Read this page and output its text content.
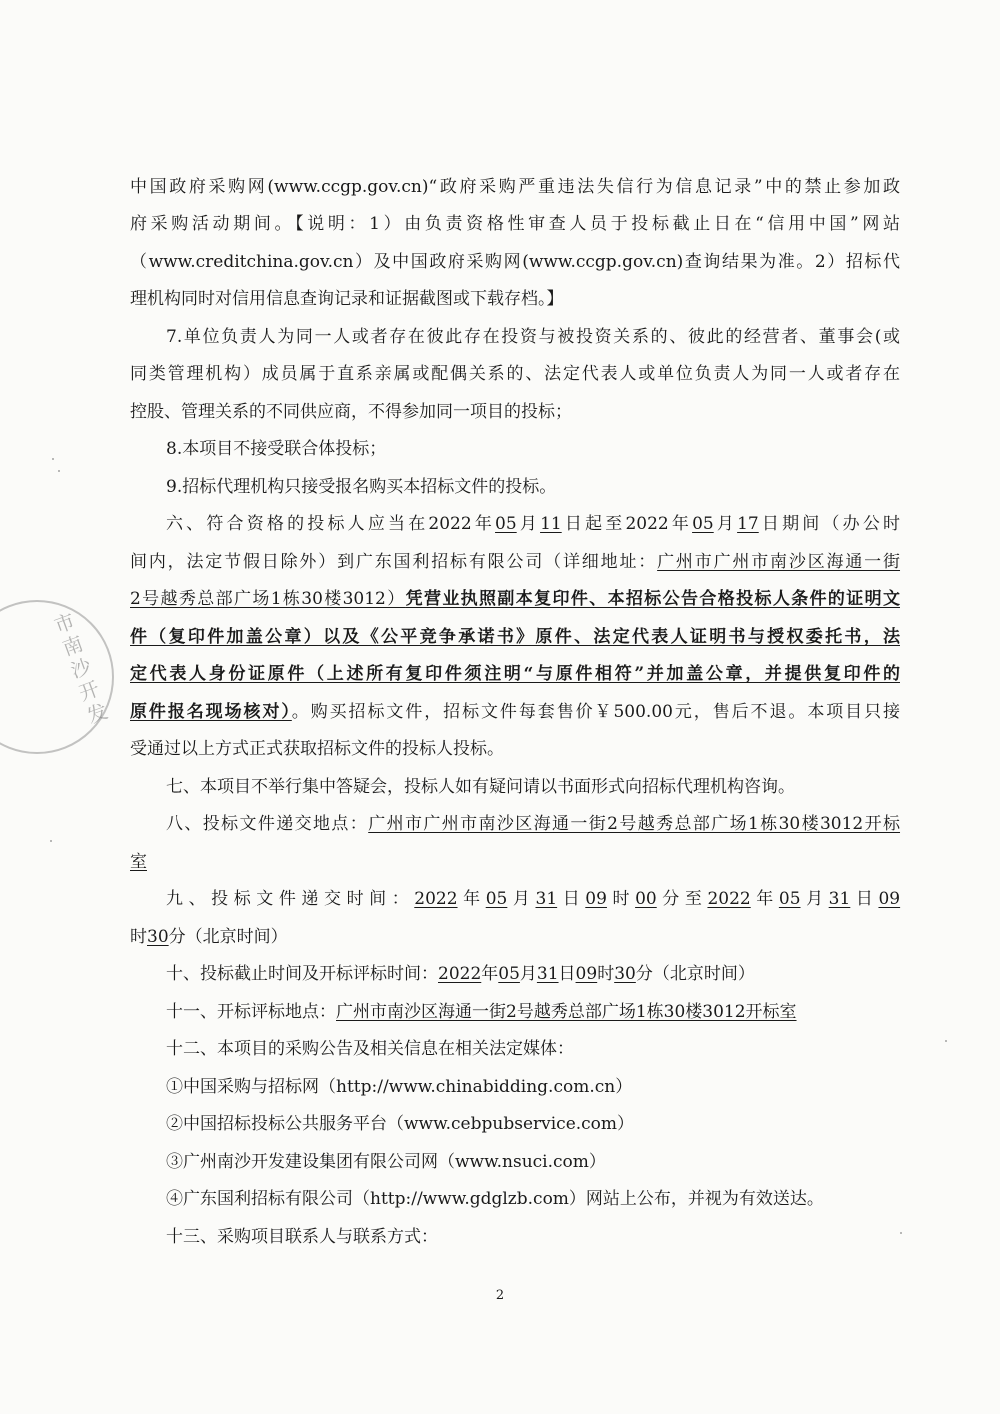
市南沙开发
中国政府采购网(www.ccgp.gov.cn)“政府采购严重违法失信行为信息记录”中的禁止参加政
府采购活动期间。【说明：1）由负责资格性审查人员于投标截止日在“信用中国”网站
（www.creditchina.gov.cn）及中国政府采购网(www.ccgp.gov.cn)查询结果为准。2）招标代
理机构同时对信用信息查询记录和证据截图或下载存档。】
7.单位负责人为同一人或者存在彼此存在投资与被投资关系的、彼此的经营者、董事会(或
同类管理机构）成员属于直系亲属或配偶关系的、法定代表人或单位负责人为同一人或者存在
控股、管理关系的不同供应商，不得参加同一项目的投标；
8.本项目不接受联合体投标；
9.招标代理机构只接受报名购买本招标文件的投标。
六、符合资格的投标人应当在2022年05月11日起至2022年05月17日期间（办公时
间内，法定节假日除外）到广东国利招标有限公司（详细地址：广州市广州市南沙区海通一街
2号越秀总部广场1栋30楼3012）凭营业执照副本复印件、本招标公告合格投标人条件的证明文
件（复印件加盖公章）以及《公平竞争承诺书》原件、法定代表人证明书与授权委托书，法
定代表人身份证原件（上述所有复印件须注明“与原件相符”并加盖公章，并提供复印件的
原件报名现场核对）。购买招标文件，招标文件每套售价￥500.00元，售后不退。本项目只接
受通过以上方式正式获取招标文件的投标人投标。
七、本项目不举行集中答疑会，投标人如有疑问请以书面形式向招标代理机构咨询。
八、投标文件递交地点：广州市广州市南沙区海通一街2号越秀总部广场1栋30楼3012开标
室
九、投标文件递交时间：2022年05月31日09时00分至2022年05月31日09
时30分（北京时间）
十、投标截止时间及开标评标时间：2022年05月31日09时30分（北京时间）
十一、开标评标地点：广州市南沙区海通一街2号越秀总部广场1栋30楼3012开标室
十二、本项目的采购公告及相关信息在相关法定媒体：
①中国采购与招标网（http://www.chinabidding.com.cn）
②中国招标投标公共服务平台（www.cebpubservice.com）
③广州南沙开发建设集团有限公司网（www.nsuci.com）
④广东国利招标有限公司（http://www.gdglzb.com）网站上公布，并视为有效送达。
十三、采购项目联系人与联系方式：
2
